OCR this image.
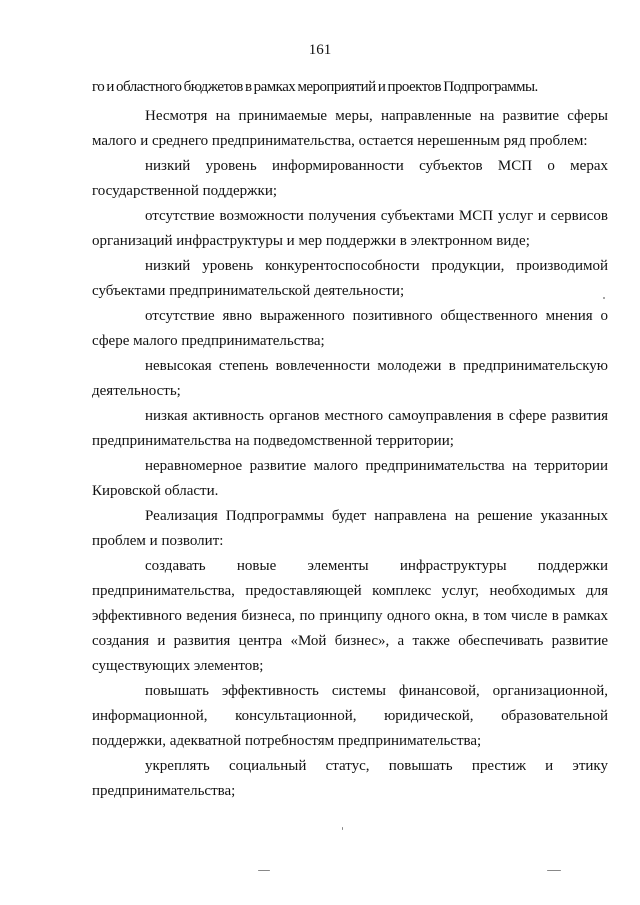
161

го и областного бюджетов в рамках мероприятий и проектов Подпрограммы.

Несмотря на принимаемые меры, направленные на развитие сферы малого и среднего предпринимательства, остается нерешенным ряд проблем:

низкий уровень информированности субъектов МСП о мерах государственной поддержки;

отсутствие возможности получения субъектами МСП услуг и сервисов организаций инфраструктуры и мер поддержки в электронном виде;

низкий уровень конкурентоспособности продукции, производимой субъектами предпринимательской деятельности;

отсутствие явно выраженного позитивного общественного мнения о сфере малого предпринимательства;

невысокая степень вовлеченности молодежи в предпринимательскую деятельность;

низкая активность органов местного самоуправления в сфере развития предпринимательства на подведомственной территории;

неравномерное развитие малого предпринимательства на территории Кировской области.

Реализация Подпрограммы будет направлена на решение указанных проблем и позволит:

создавать новые элементы инфраструктуры поддержки предпринимательства, предоставляющей комплекс услуг, необходимых для эффективного ведения бизнеса, по принципу одного окна, в том числе в рамках создания и развития центра «Мой бизнес», а также обеспечивать развитие существующих элементов;

повышать эффективность системы финансовой, организационной, информационной, консультационной, юридической, образовательной поддержки, адекватной потребностям предпринимательства;

укреплять социальный статус, повышать престиж и этику предпринимательства;
